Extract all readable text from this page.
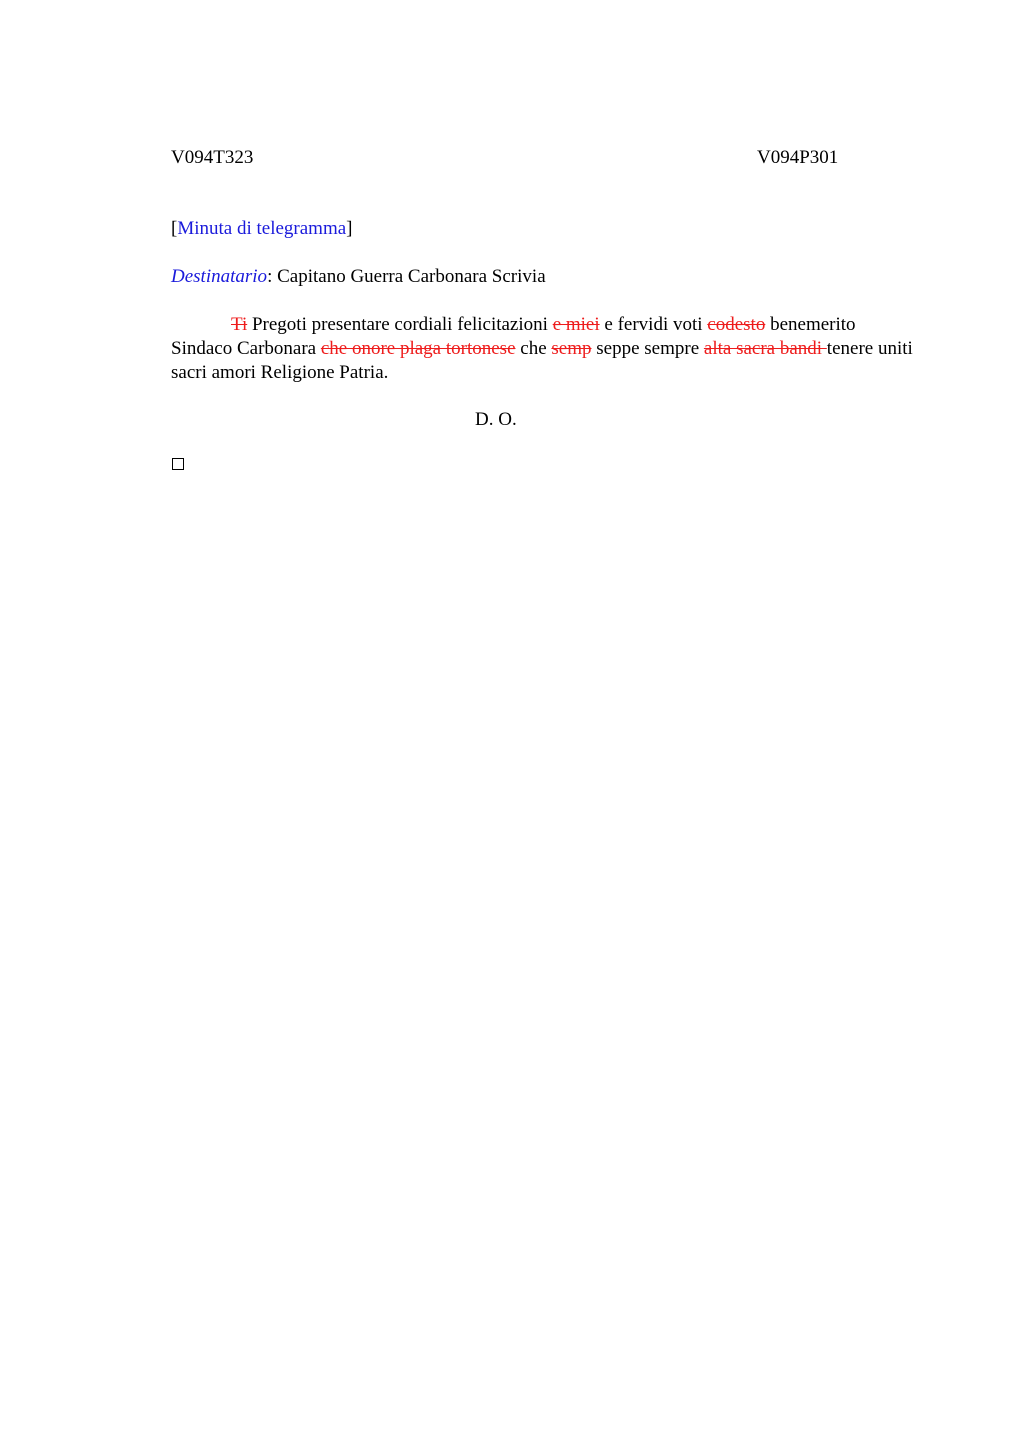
V094T323	V094P301
[Minuta di telegramma]
Destinatario: Capitano Guerra Carbonara Scrivia
Ti Pregoti presentare cordiali felicitazioni e miei e fervidi voti codesto benemerito Sindaco Carbonara che onore plaga tortonese che semp seppe sempre alta sacra bandi tenere uniti sacri amori Religione Patria.
D. O.
